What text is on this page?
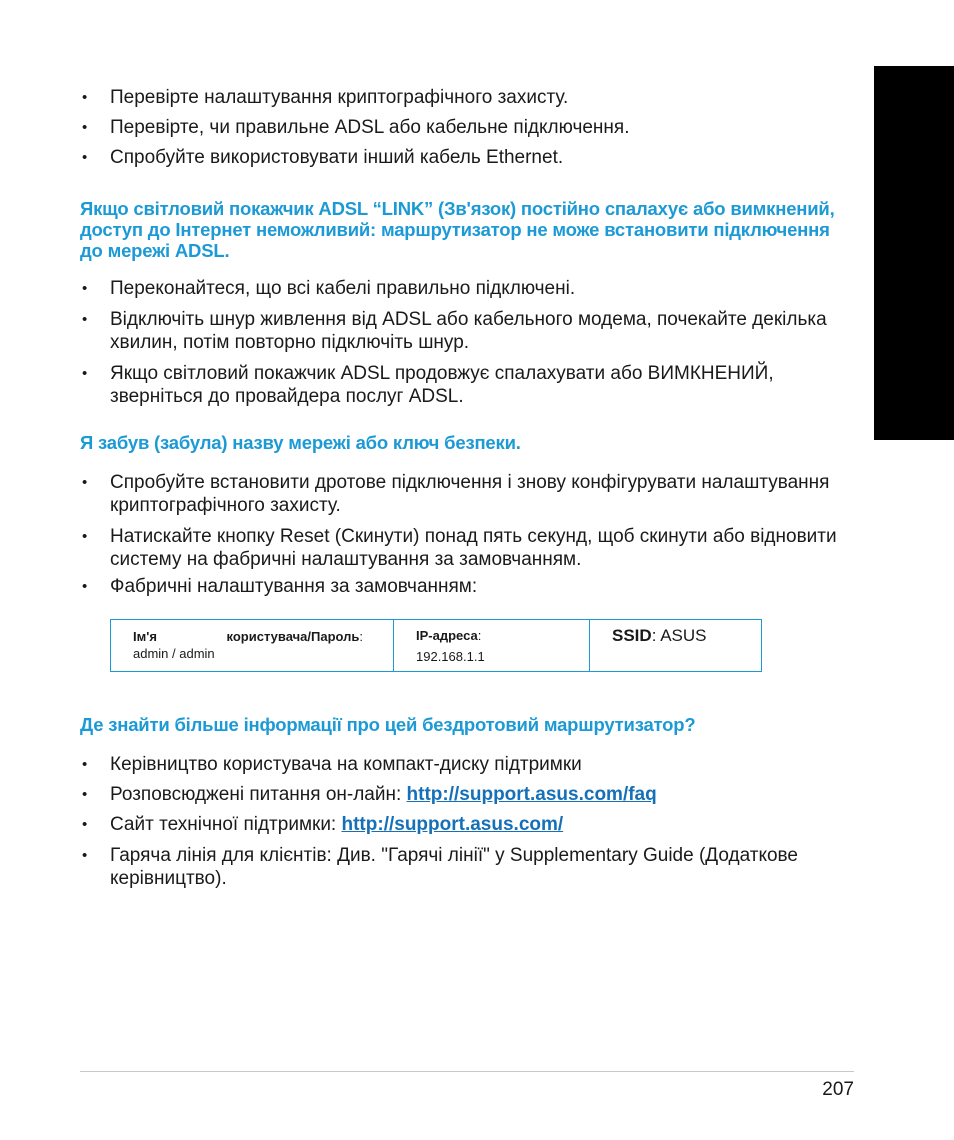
• Перевірте налаштування криптографічного захисту.
• Перевірте, чи правильне ADSL або кабельне підключення.
• Спробуйте використовувати інший кабель Ethernet.
Якщо світловий покажчик ADSL “LINK” (Зв'язок) постійно спалахує або вимкнений, доступ до Інтернет неможливий: маршрутизатор не може встановити підключення до мережі ADSL.
• Переконайтеся, що всі кабелі правильно підключені.
• Відключіть шнур живлення від ADSL або кабельного модема, почекайте декілька хвилин, потім повторно підключіть шнур.
• Якщо світловий покажчик ADSL продовжує спалахувати або ВИМКНЕНИЙ, зверніться до провайдера послуг ADSL.
Я забув (забула) назву мережі або ключ безпеки.
• Спробуйте встановити дротове підключення і знову конфігурувати налаштування криптографічного захисту.
• Натискайте кнопку Reset (Скинути) понад пять секунд, щоб скинути або відновити систему на фабричні налаштування за замовчанням.
• Фабричні налаштування за замовчанням:
Де знайти більше інформації про цей бездротовий маршрутизатор?
• Керівництво користувача на компакт-диску підтримки
• Розповсюджені питання он-лайн: http://support.asus.com/faq
• Сайт технічної підтримки: http://support.asus.com/
• Гаряча лінія для клієнтів: Див. "Гарячі лінії" у Supplementary Guide (Додаткове керівництво).
Ім'я	користувача/Пароль:
admin / admin
IP-адреса:
192.168.1.1
SSID: ASUS
207
